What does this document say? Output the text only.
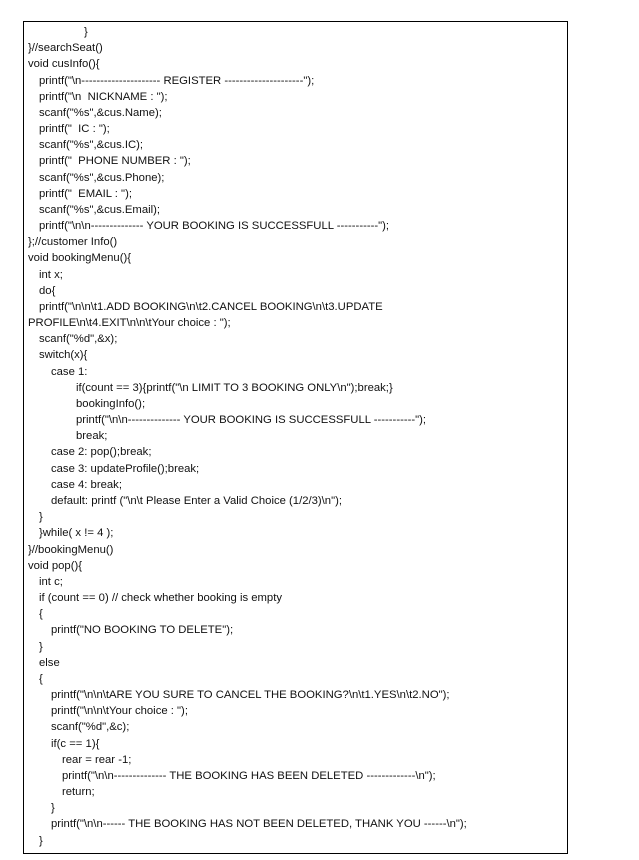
}
}//searchSeat()
void cusInfo(){
printf("\n--------------------- REGISTER ---------------------");
printf("\n  NICKNAME : ");
scanf("%s",&cus.Name);
printf("  IC : ");
scanf("%s",&cus.IC);
printf("  PHONE NUMBER : ");
scanf("%s",&cus.Phone);
printf("  EMAIL : ");
scanf("%s",&cus.Email);
printf("\n\n-------------- YOUR BOOKING IS SUCCESSFULL -----------");
};//customer Info()
void bookingMenu(){
int x;
do{
printf("\n\n\t1.ADD BOOKING\n\t2.CANCEL BOOKING\n\t3.UPDATE
PROFILE\n\t4.EXIT\n\n\tYour choice : ");
scanf("%d",&x);
switch(x){
case 1:
if(count == 3){printf("\n LIMIT TO 3 BOOKING ONLY\n");break;}
bookingInfo();
printf("\n\n-------------- YOUR BOOKING IS SUCCESSFULL -----------");
break;
case 2: pop();break;
case 3: updateProfile();break;
case 4: break;
default: printf ("\n\t Please Enter a Valid Choice (1/2/3)\n");
}
}while( x != 4 );
}//bookingMenu()
void pop(){
int c;
if (count == 0) // check whether booking is empty
{
printf("NO BOOKING TO DELETE");
}
else
{
printf("\n\n\tARE YOU SURE TO CANCEL THE BOOKING?\n\t1.YES\n\t2.NO");
printf("\n\n\tYour choice : ");
scanf("%d",&c);
if(c == 1){
rear = rear -1;
printf("\n\n-------------- THE BOOKING HAS BEEN DELETED -------------\n");
return;
}
printf("\n\n------ THE BOOKING HAS NOT BEEN DELETED, THANK YOU ------\n");
}
